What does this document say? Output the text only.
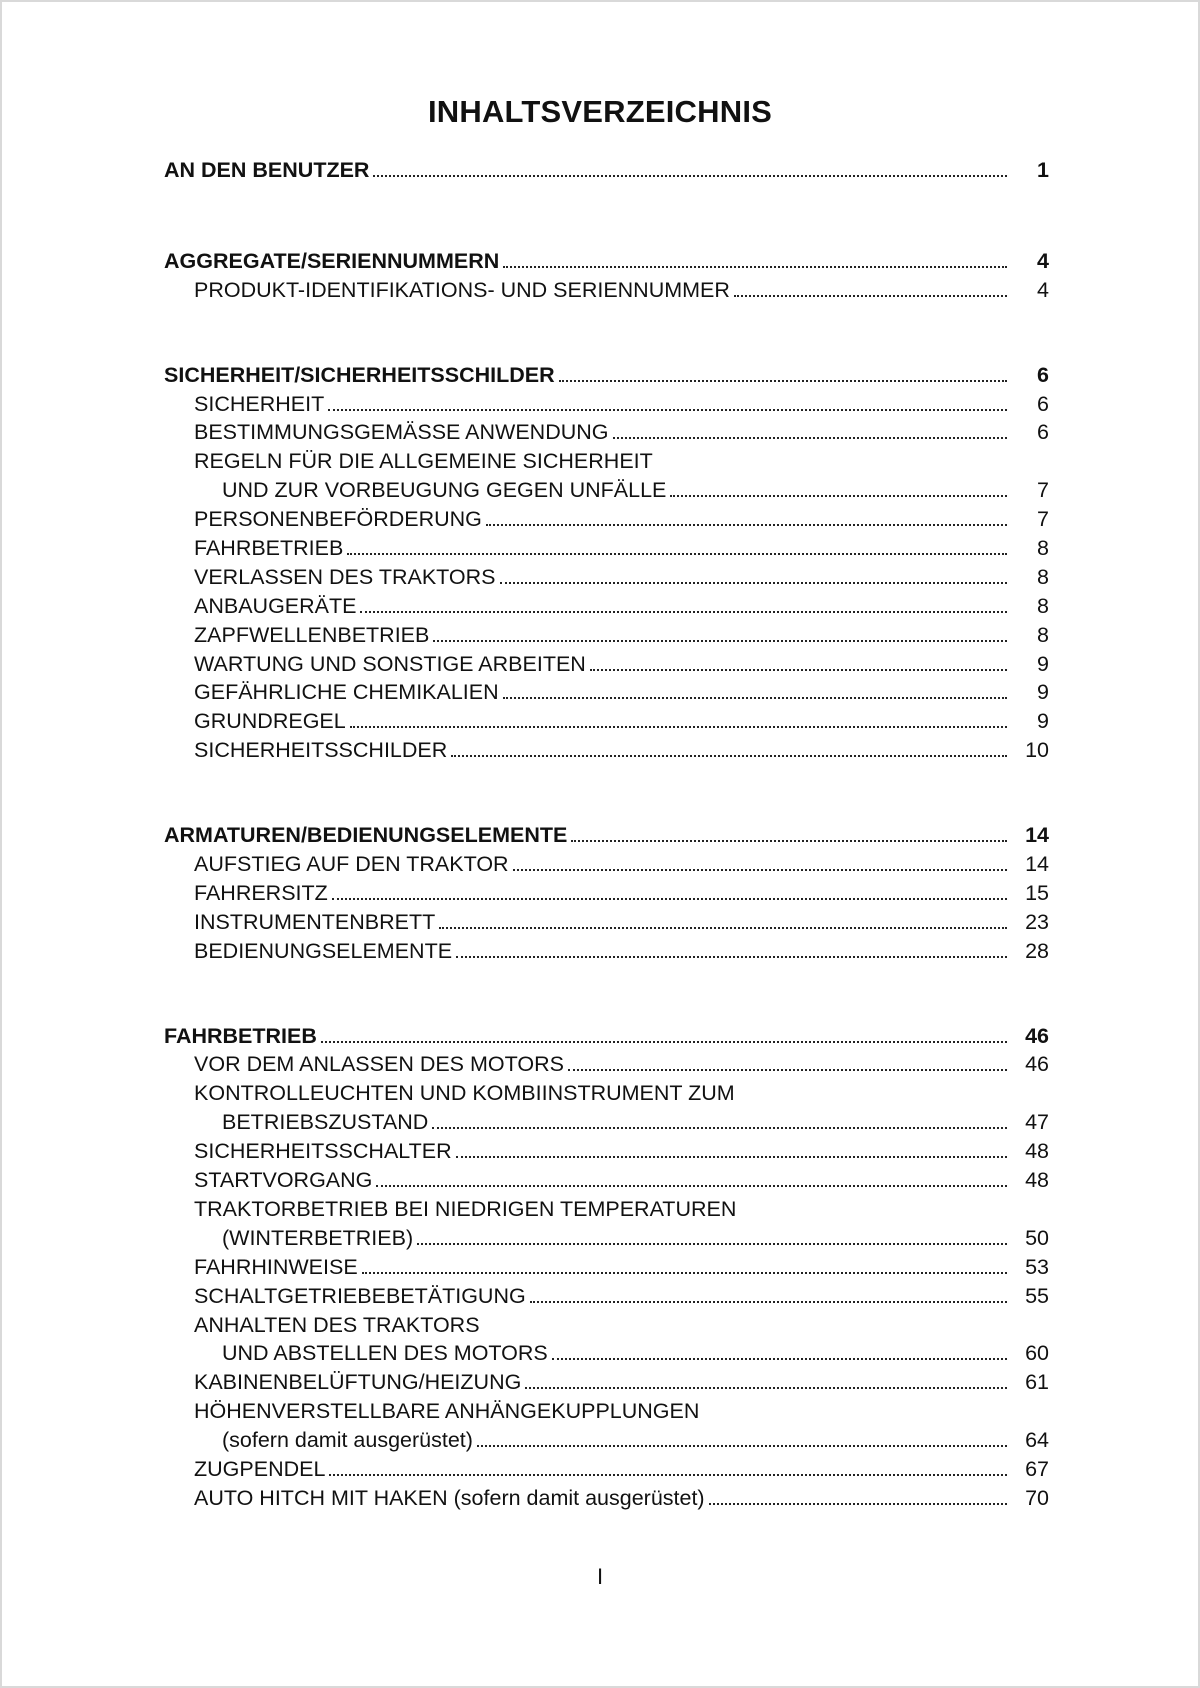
INHALTSVERZEICHNIS
AN DEN BENUTZER	1
AGGREGATE/SERIENNUMMERN	4
PRODUKT-IDENTIFIKATIONS- UND SERIENNUMMER	4
SICHERHEIT/SICHERHEITSSCHILDER	6
SICHERHEIT	6
BESTIMMUNGSGEMÄSSE ANWENDUNG	6
REGELN FÜR DIE ALLGEMEINE SICHERHEIT
UND ZUR VORBEUGUNG GEGEN UNFÄLLE	7
PERSONENBEFÖRDERUNG	7
FAHRBETRIEB	8
VERLASSEN DES TRAKTORS	8
ANBAUGERÄTE	8
ZAPFWELLENBETRIEB	8
WARTUNG UND SONSTIGE ARBEITEN	9
GEFÄHRLICHE CHEMIKALIEN	9
GRUNDREGEL	9
SICHERHEITSSCHILDER	10
ARMATUREN/BEDIENUNGSELEMENTE	14
AUFSTIEG AUF DEN TRAKTOR	14
FAHRERSITZ	15
INSTRUMENTENBRETT	23
BEDIENUNGSELEMENTE	28
FAHRBETRIEB	46
VOR DEM ANLASSEN DES MOTORS	46
KONTROLLEUCHTEN UND KOMBIINSTRUMENT ZUM
BETRIEBSZUSTAND	47
SICHERHEITSSCHALTER	48
STARTVORGANG	48
TRAKTORBETRIEB BEI NIEDRIGEN TEMPERATUREN
(WINTERBETRIEB)	50
FAHRHINWEISE	53
SCHALTGETRIEBEBETÄTIGUNG	55
ANHALTEN DES TRAKTORS
UND ABSTELLEN DES MOTORS	60
KABINENBELÜFTUNG/HEIZUNG	61
HÖHENVERSTELLBARE ANHÄNGEKUPPLUNGEN
(sofern damit ausgerüstet)	64
ZUGPENDEL	67
AUTO HITCH MIT HAKEN (sofern damit ausgerüstet)	70
I
